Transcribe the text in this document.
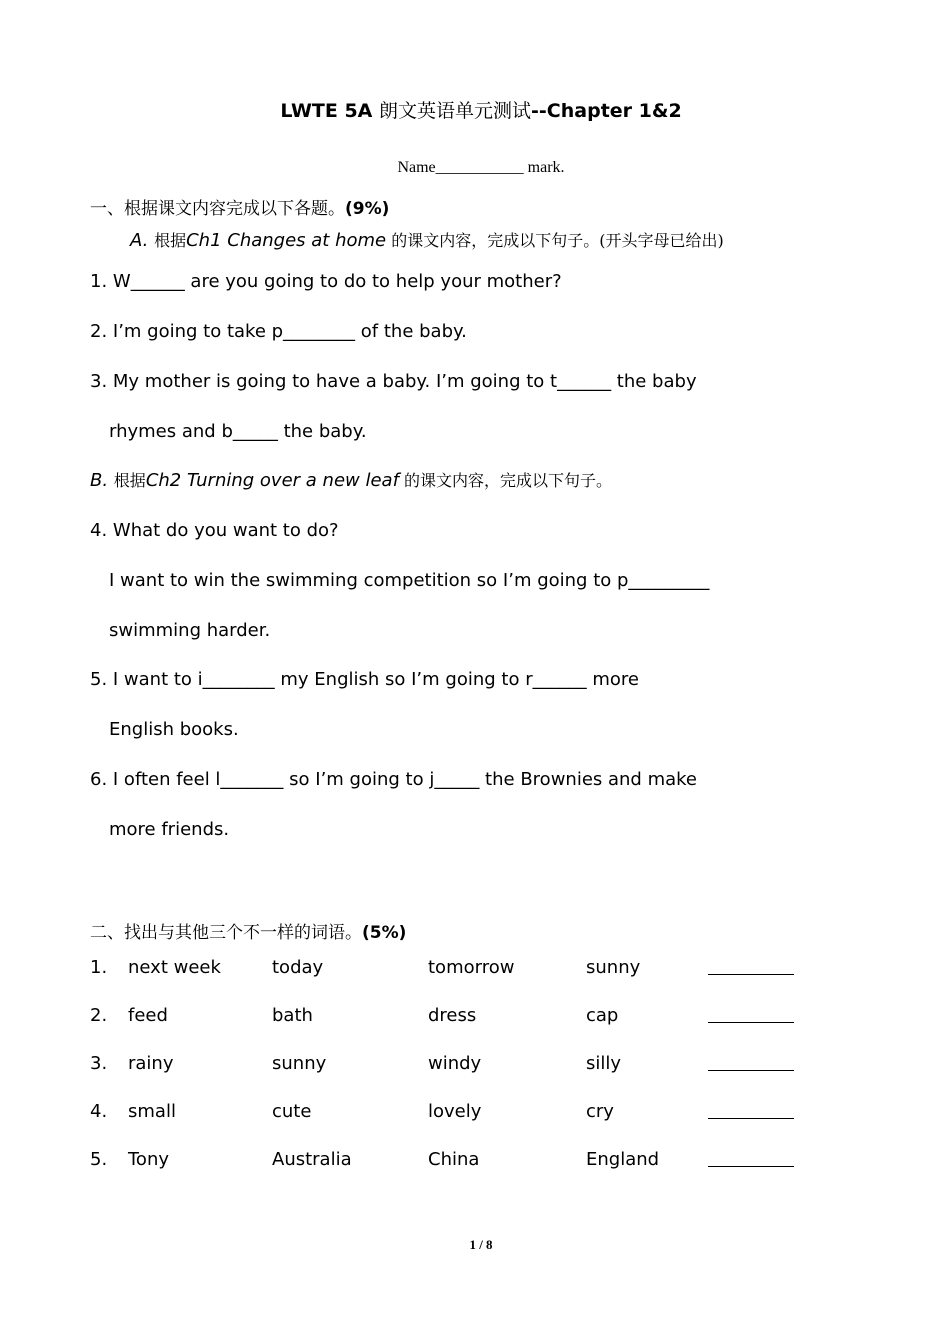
LWTE 5A 朗文英语单元测试--Chapter 1&2
Name___________ mark.
一、根据课文内容完成以下各题。(9%)
A. 根据Ch1 Changes at home 的课文内容，完成以下句子。(开头字母已给出)
1. W______ are you going to do to help your mother?
2. I’m going to take p________ of the baby.
3. My mother is going to have a baby. I’m going to t______ the baby
rhymes and b_____ the baby.
B. 根据Ch2 Turning over a new leaf 的课文内容，完成以下句子。
4. What do you want to do?
I want to win the swimming competition so I’m going to p_________
swimming harder.
5. I want to i________ my English so I’m going to r______ more
English books.
6. I often feel l_______ so I’m going to j_____ the Brownies and make
more friends.
二、找出与其他三个不一样的词语。(5%)
1. next week	today	tomorrow	sunny
2. feed	bath	dress	cap
3. rainy	sunny	windy	silly
4. small	cute	lovely	cry
5. Tony	Australia	China	England
1 / 8
